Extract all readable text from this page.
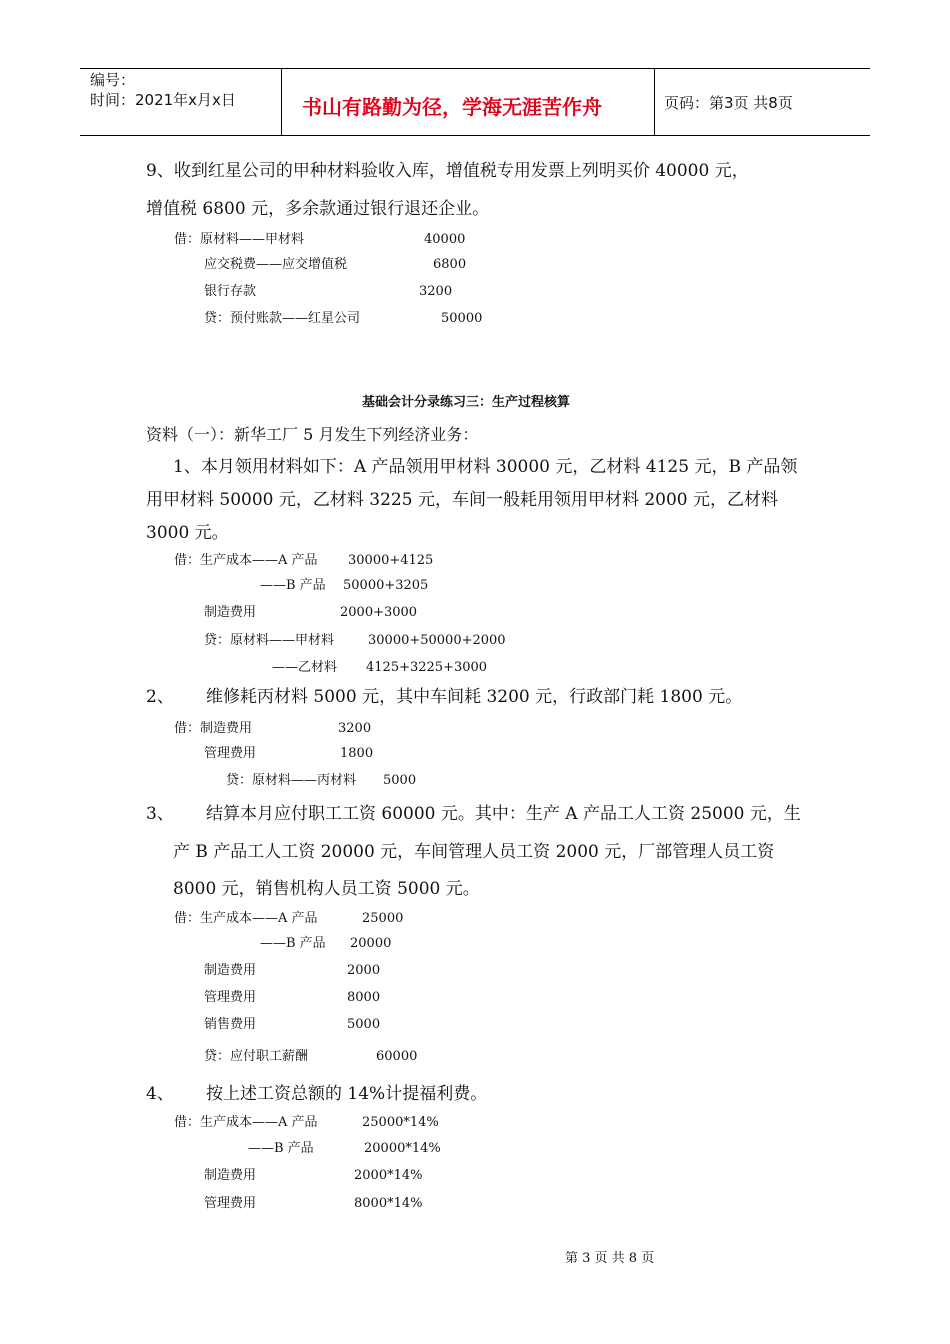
编号：
时间：2021年x月x日	书山有路勤为径，学海无涯苦作舟	页码：第3页 共8页
9、收到红星公司的甲种材料验收入库，增值税专用发票上列明买价 40000 元，
增值税 6800 元，多余款通过银行退还企业。
借：原材料——甲材料	40000
应交税费——应交增值税	6800
银行存款	3200
贷：预付账款——红星公司	50000
基础会计分录练习三：生产过程核算
资料（一）：新华工厂 5 月发生下列经济业务：
1、本月领用材料如下：A 产品领用甲材料 30000 元，乙材料 4125 元，B 产品领
用甲材料 50000 元，乙材料 3225 元，车间一般耗用领用甲材料 2000 元，乙材料
3000 元。
借：生产成本——A 产品 30000+4125
——B 产品 50000+3205
制造费用	2000+3000
贷：原材料——甲材料	30000+50000+2000
——乙材料 4125+3225+3000
2、 维修耗丙材料 5000 元，其中车间耗 3200 元，行政部门耗 1800 元。
借：制造费用	3200
管理费用	1800
贷：原材料——丙材料 5000
3、 结算本月应付职工工资 60000 元。其中：生产 A 产品工人工资 25000 元，生
产 B 产品工人工资 20000 元，车间管理人员工资 2000 元，厂部管理人员工资
8000 元，销售机构人员工资 5000 元。
借：生产成本——A 产品	25000
——B 产品 20000
制造费用	2000
管理费用	8000
销售费用	5000
贷：应付职工薪酬	60000
4、 按上述工资总额的 14%计提福利费。
借：生产成本——A 产品	25000*14%
——B 产品	20000*14%
制造费用	2000*14%
管理费用	8000*14%
第 3 页 共 8 页
